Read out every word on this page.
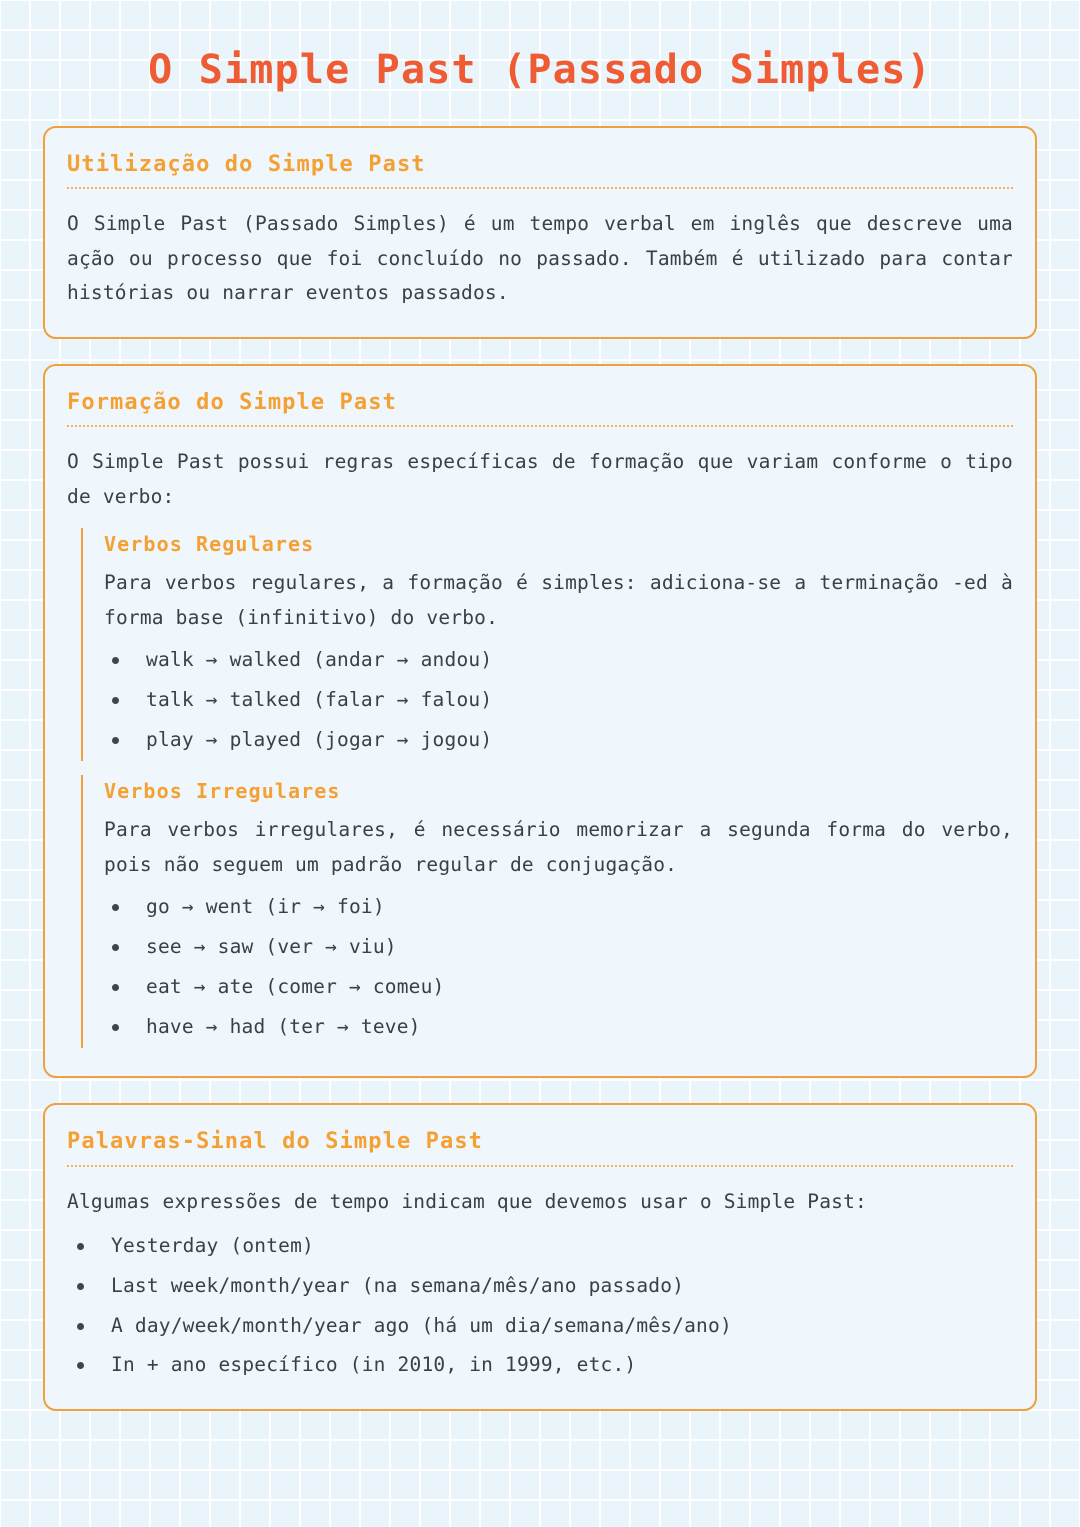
O Simple Past (Passado Simples)
Utilização do Simple Past

O Simple Past (Passado Simples) é um tempo verbal em inglês que descreve uma ação ou processo que foi concluído no passado. Também é utilizado para contar histórias ou narrar eventos passados.

Formação do Simple Past

O Simple Past possui regras específicas de formação que variam conforme o tipo de verbo:

Verbos Regulares

Para verbos regulares, a formação é simples: adiciona-se a terminação -ed à forma base (infinitivo) do verbo.

walk → walked (andar → andou)
talk → talked (falar → falou)
play → played (jogar → jogou)
Verbos Irregulares

Para verbos irregulares, é necessário memorizar a segunda forma do verbo, pois não seguem um padrão regular de conjugação.

go → went (ir → foi)
see → saw (ver → viu)
eat → ate (comer → comeu)
have → had (ter → teve)
Palavras-Sinal do Simple Past

Algumas expressões de tempo indicam que devemos usar o Simple Past:

Yesterday (ontem)
Last week/month/year (na semana/mês/ano passado)
A day/week/month/year ago (há um dia/semana/mês/ano)
In + ano específico (in 2010, in 1999, etc.)
